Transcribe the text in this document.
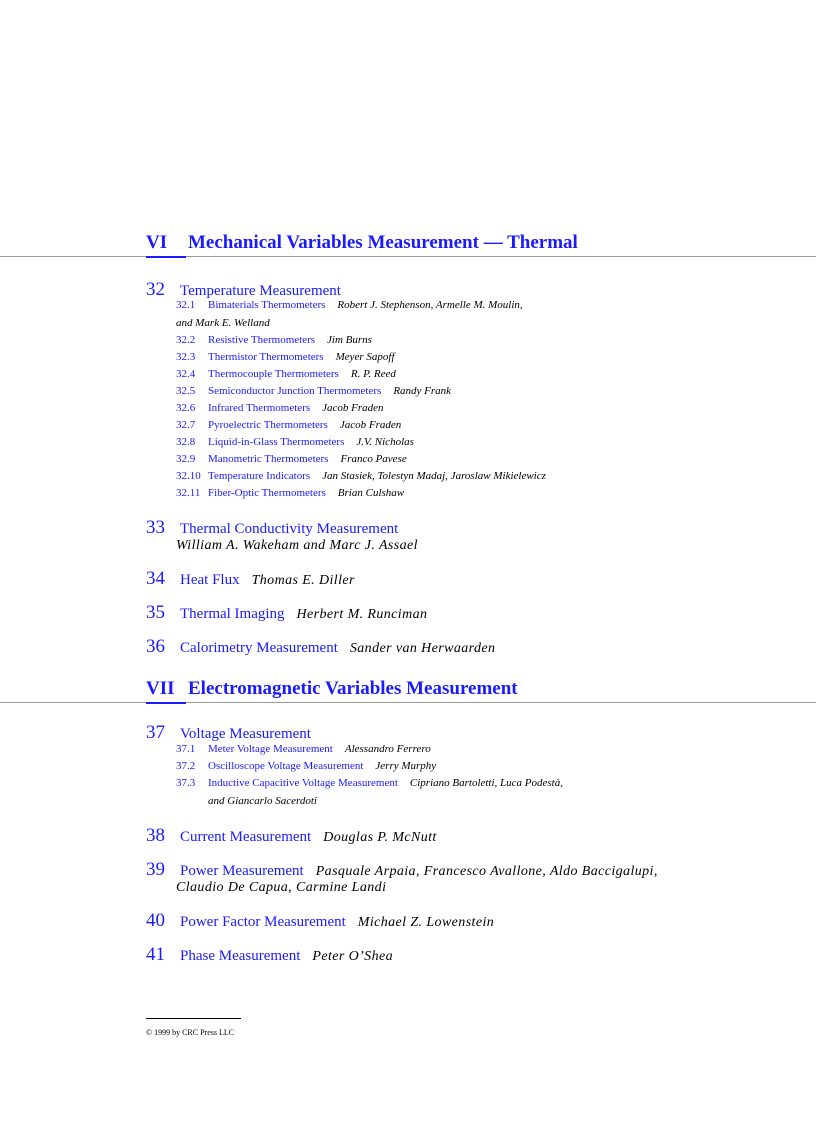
VI Mechanical Variables Measurement — Thermal
32 Temperature Measurement
32.1 Bimaterials Thermometers Robert J. Stephenson, Armelle M. Moulin,
and Mark E. Welland
32.2 Resistive Thermometers Jim Burns
32.3 Thermistor Thermometers Meyer Sapoff
32.4 Thermocouple Thermometers R. P. Reed
32.5 Semiconductor Junction Thermometers Randy Frank
32.6 Infrared Thermometers Jacob Fraden
32.7 Pyroelectric Thermometers Jacob Fraden
32.8 Liquid-in-Glass Thermometers J.V. Nicholas
32.9 Manometric Thermometers Franco Pavese
32.10 Temperature Indicators Jan Stasiek, Tolestyn Madaj, Jaroslaw Mikielewicz
32.11 Fiber-Optic Thermometers Brian Culshaw
33 Thermal Conductivity Measurement
William A. Wakeham and Marc J. Assael
34 Heat Flux Thomas E. Diller
35 Thermal Imaging Herbert M. Runciman
36 Calorimetry Measurement Sander van Herwaarden
VII Electromagnetic Variables Measurement
37 Voltage Measurement
37.1 Meter Voltage Measurement Alessandro Ferrero
37.2 Oscilloscope Voltage Measurement Jerry Murphy
37.3 Inductive Capacitive Voltage Measurement Cipriano Bartoletti, Luca Podestà,
and Giancarlo Sacerdoti
38 Current Measurement Douglas P. McNutt
39 Power Measurement Pasquale Arpaia, Francesco Avallone, Aldo Baccigalupi,
Claudio De Capua, Carmine Landi
40 Power Factor Measurement Michael Z. Lowenstein
41 Phase Measurement Peter O’Shea
© 1999 by CRC Press LLC
